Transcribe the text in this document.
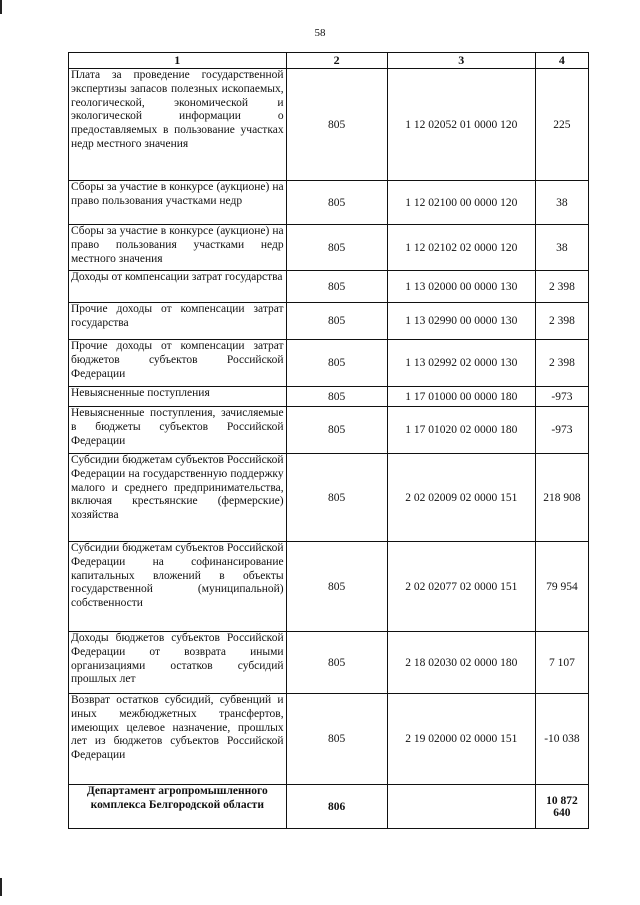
58
1	2	3	4
Плата за проведение государственной экспертизы запасов полезных ископаемых, геологической, экономической и экологической информации о предоставляемых в пользование участках недр местного значения	805	1 12 02052 01 0000 120	225
Сборы за участие в конкурсе (аукционе) на право пользования участками недр	805	1 12 02100 00 0000 120	38
Сборы за участие в конкурсе (аукционе) на право пользования участками недр местного значения	805	1 12 02102 02 0000 120	38
Доходы от компенсации затрат государства	805	1 13 02000 00 0000 130	2 398
Прочие доходы от компенсации затрат государства	805	1 13 02990 00 0000 130	2 398
Прочие доходы от компенсации затрат бюджетов субъектов Российской Федерации	805	1 13 02992 02 0000 130	2 398
Невыясненные поступления	805	1 17 01000 00 0000 180	-973
Невыясненные поступления, зачисляемые в бюджеты субъектов Российской Федерации	805	1 17 01020 02 0000 180	-973
Субсидии бюджетам субъектов Российской Федерации на государственную поддержку малого и среднего предпринимательства, включая крестьянские (фермерские) хозяйства	805	2 02 02009 02 0000 151	218 908
Субсидии бюджетам субъектов Российской Федерации на софинансирование капитальных вложений в объекты государственной (муниципальной) собственности	805	2 02 02077 02 0000 151	79 954
Доходы бюджетов субъектов Российской Федерации от возврата иными организациями остатков субсидий прошлых лет	805	2 18 02030 02 0000 180	7 107
Возврат остатков субсидий, субвенций и иных межбюджетных трансфертов, имеющих целевое назначение, прошлых лет из бюджетов субъектов Российской Федерации	805	2 19 02000 02 0000 151	-10 038
Департамент агропромышленного комплекса Белгородской области	806		10 872 640
